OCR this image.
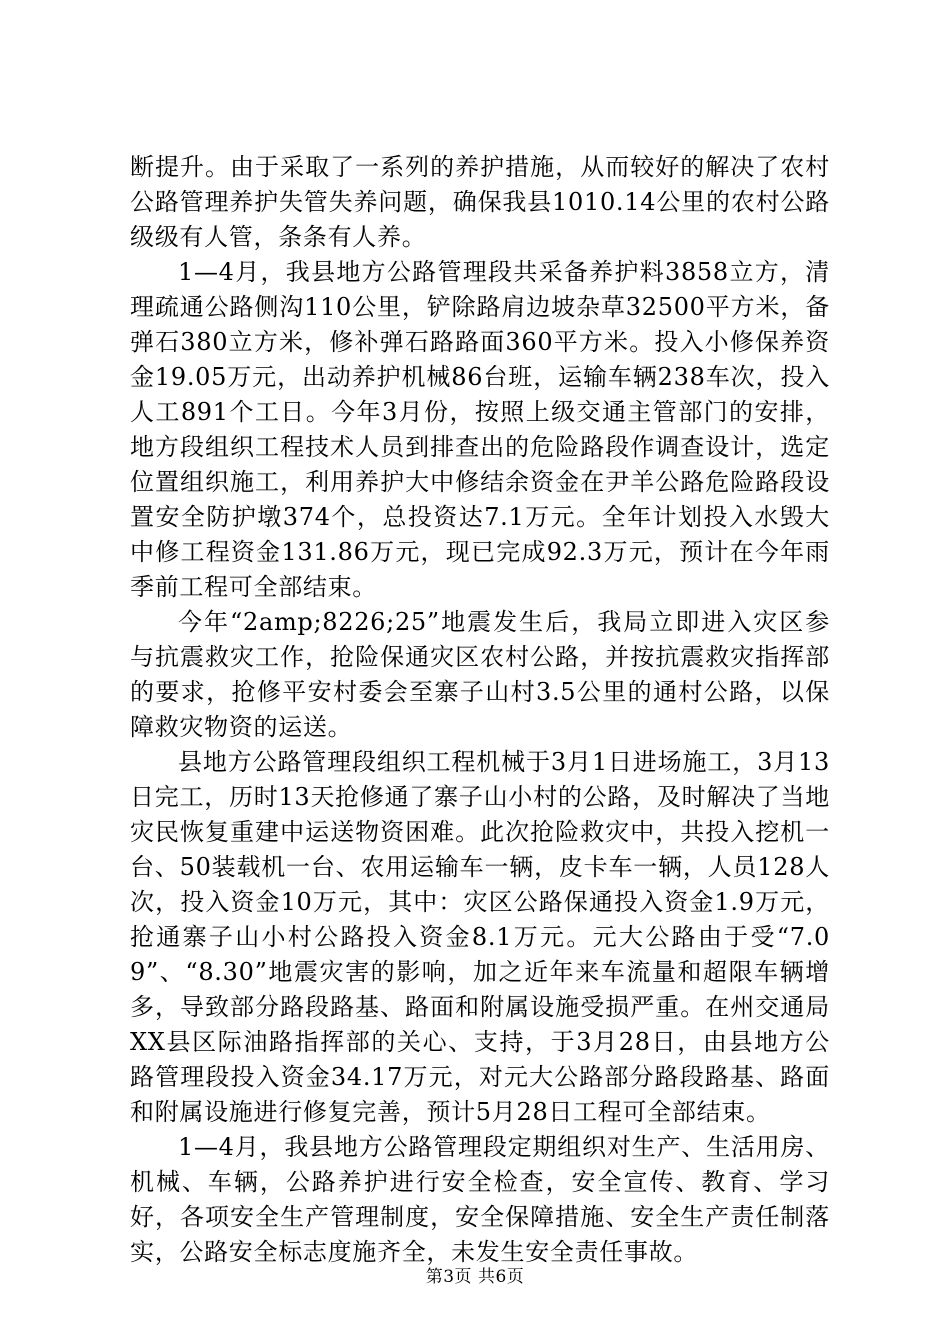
断提升。由于采取了一系列的养护措施，从而较好的解决了农村公路管理养护失管失养问题，确保我县1010.14公里的农村公路级级有人管，条条有人养。

1—4月，我县地方公路管理段共采备养护料3858立方，清理疏通公路侧沟110公里，铲除路肩边坡杂草32500平方米，备弹石380立方米，修补弹石路路面360平方米。投入小修保养资金19.05万元，出动养护机械86台班，运输车辆238车次，投入人工891个工日。今年3月份，按照上级交通主管部门的安排，地方段组织工程技术人员到排查出的危险路段作调查设计，选定位置组织施工，利用养护大中修结余资金在尹羊公路危险路段设置安全防护墩374个，总投资达7.1万元。全年计划投入水毁大中修工程资金131.86万元，现已完成92.3万元，预计在今年雨季前工程可全部结束。

今年“2amp;8226;25”地震发生后，我局立即进入灾区参与抗震救灾工作，抢险保通灾区农村公路，并按抗震救灾指挥部的要求，抢修平安村委会至寨子山村3.5公里的通村公路，以保障救灾物资的运送。

县地方公路管理段组织工程机械于3月1日进场施工，3月13日完工，历时13天抢修通了寨子山小村的公路，及时解决了当地灾民恢复重建中运送物资困难。此次抢险救灾中，共投入挖机一台、50装载机一台、农用运输车一辆，皮卡车一辆，人员128人次，投入资金10万元，其中：灾区公路保通投入资金1.9万元，抢通寨子山小村公路投入资金8.1万元。元大公路由于受“7.09”、“8.30”地震灾害的影响，加之近年来车流量和超限车辆增多，导致部分路段路基、路面和附属设施受损严重。在州交通局XX县区际油路指挥部的关心、支持，于3月28日，由县地方公路管理段投入资金34.17万元，对元大公路部分路段路基、路面和附属设施进行修复完善，预计5月28日工程可全部结束。

1—4月，我县地方公路管理段定期组织对生产、生活用房、机械、车辆，公路养护进行安全检查，安全宣传、教育、学习好，各项安全生产管理制度，安全保障措施、安全生产责任制落实，公路安全标志度施齐全，未发生安全责任事故。

第3页 共6页
